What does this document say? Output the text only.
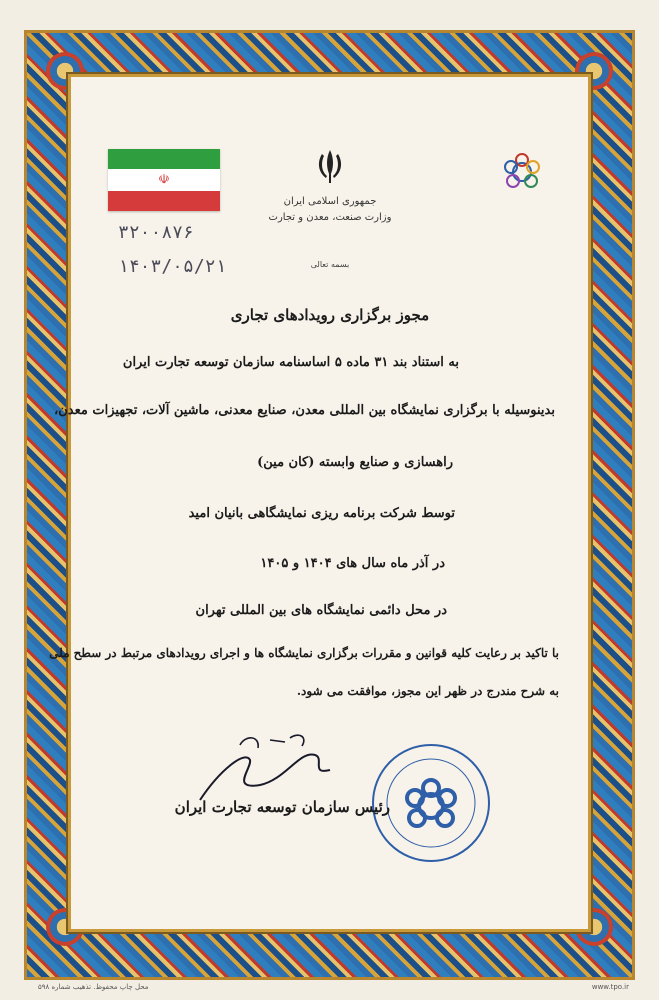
جمهوری اسلامی ایران
وزارت صنعت، معدن و تجارت
☫
۳۲۰۰۸۷۶
۱۴۰۳/۰۵/۲۱	بسمه تعالی
مجوز برگزاری رویدادهای تجاری
به استناد بند ۳۱ ماده ۵ اساسنامه سازمان توسعه تجارت ایران
بدینوسیله با برگزاری نمایشگاه بین المللی معدن، صنایع معدنی، ماشین آلات، تجهیزات معدن،
راهسازی و صنایع وابسته (کان مین)
توسط شرکت برنامه ریزی نمایشگاهی بانیان امید
در آذر ماه سال های ۱۴۰۴ و ۱۴۰۵
در محل دائمی نمایشگاه های بین المللی تهران
با تاکید بر رعایت کلیه قوانین و مقررات برگزاری نمایشگاه ها و اجرای رویدادهای مرتبط در سطح ملی
به شرح مندرج در ظهر این مجوز، موافقت می شود.
رئیس سازمان توسعه تجارت ایران
محل چاپ محفوظ. تذهیب شماره ۵۹۸	www.tpo.ir
